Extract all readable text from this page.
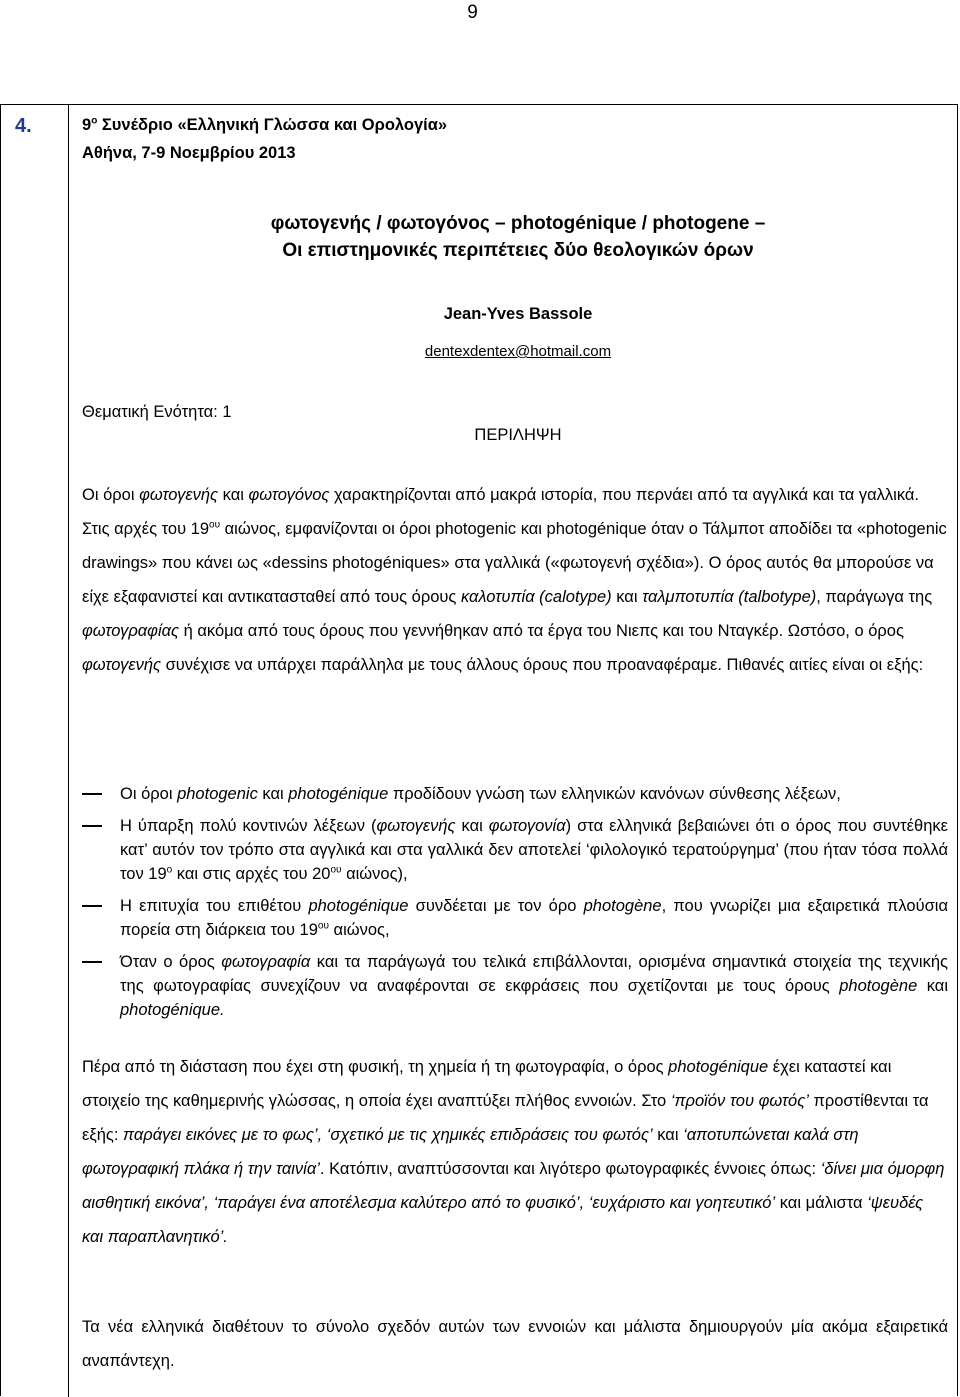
9
4.	$9^o$ Συνέδριο «Ελληνική Γλώσσα και Ορολογία»
Αθήνα, 7-9 Νοεμβρίου 2013
φωτογενής / φωτογόνος – photogénique / photogene –
Οι επιστημονικές περιπέτειες δύο θεολογικών όρων
Jean-Yves Bassole
dentexdentex@hotmail.com
Θεματική Ενότητα: 1
ΠΕΡΙΛΗΨΗ

Οι όροι φωτογενής και φωτογόνος χαρακτηρίζονται από μακρά ιστορία, που περνάει από τα αγγλικά και τα γαλλικά. Στις αρχές του $19^{o\upsilon}$ αιώνος, εμφανίζονται οι όροι photogenic και photogénique όταν ο Τάλμποτ αποδίδει τα «photogenic drawings» που κάνει ως «dessins photogéniques» στα γαλλικά («φωτογενή σχέδια»). Ο όρος αυτός θα μπορούσε να είχε εξαφανιστεί και αντικατασταθεί από τους όρους καλοτυπία (calotype) και ταλμποτυπία (talbotype), παράγωγα της φωτογραφίας ή ακόμα από τους όρους που γεννήθηκαν από τα έργα του Νιεπς και του Νταγκέρ. Ωστόσο, ο όρος φωτογενής συνέχισε να υπάρχει παράλληλα με τους άλλους όρους που προαναφέραμε. Πιθανές αιτίες είναι οι εξής:

Οι όροι photogenic και photogénique προδίδουν γνώση των ελληνικών κανόνων σύνθεσης λέξεων,
Η ύπαρξη πολύ κοντινών λέξεων (φωτογενής και φωτογονία) στα ελληνικά βεβαιώνει ότι ο όρος που συντέθηκε κατ’ αυτόν τον τρόπο στα αγγλικά και στα γαλλικά δεν αποτελεί ‘φιλολογικό τερατούργημα’ (που ήταν τόσα πολλά τον $19^o$ και στις αρχές του $20^{o\upsilon}$ αιώνος),
Η επιτυχία του επιθέτου photogénique συνδέεται με τον όρο photogène, που γνωρίζει μια εξαιρετικά πλούσια πορεία στη διάρκεια του $19^{o\upsilon}$ αιώνος,
Όταν ο όρος φωτογραφία και τα παράγωγά του τελικά επιβάλλονται, ορισμένα σημαντικά στοιχεία της τεχνικής της φωτογραφίας συνεχίζουν να αναφέρονται σε εκφράσεις που σχετίζονται με τους όρους photogène και photogénique.

Πέρα από τη διάσταση που έχει στη φυσική, τη χημεία ή τη φωτογραφία, ο όρος photogénique έχει καταστεί και στοιχείο της καθημερινής γλώσσας, η οποία έχει αναπτύξει πλήθος εννοιών. Στο ‘προϊόν του φωτός’ προστίθενται τα εξής: παράγει εικόνες με το φως’, ‘σχετικό με τις χημικές επιδράσεις του φωτός’ και ‘αποτυπώνεται καλά στη φωτογραφική πλάκα ή την ταινία’. Κατόπιν, αναπτύσσονται και λιγότερο φωτογραφικές έννοιες όπως: ‘δίνει μια όμορφη αισθητική εικόνα’, ‘παράγει ένα αποτέλεσμα καλύτερο από το φυσικό’, ‘ευχάριστο και γοητευτικό’ και μάλιστα ‘ψευδές και παραπλανητικό’.

Τα νέα ελληνικά διαθέτουν το σύνολο σχεδόν αυτών των εννοιών και μάλιστα δημιουργούν μία ακόμα εξαιρετικά αναπάντεχη.
